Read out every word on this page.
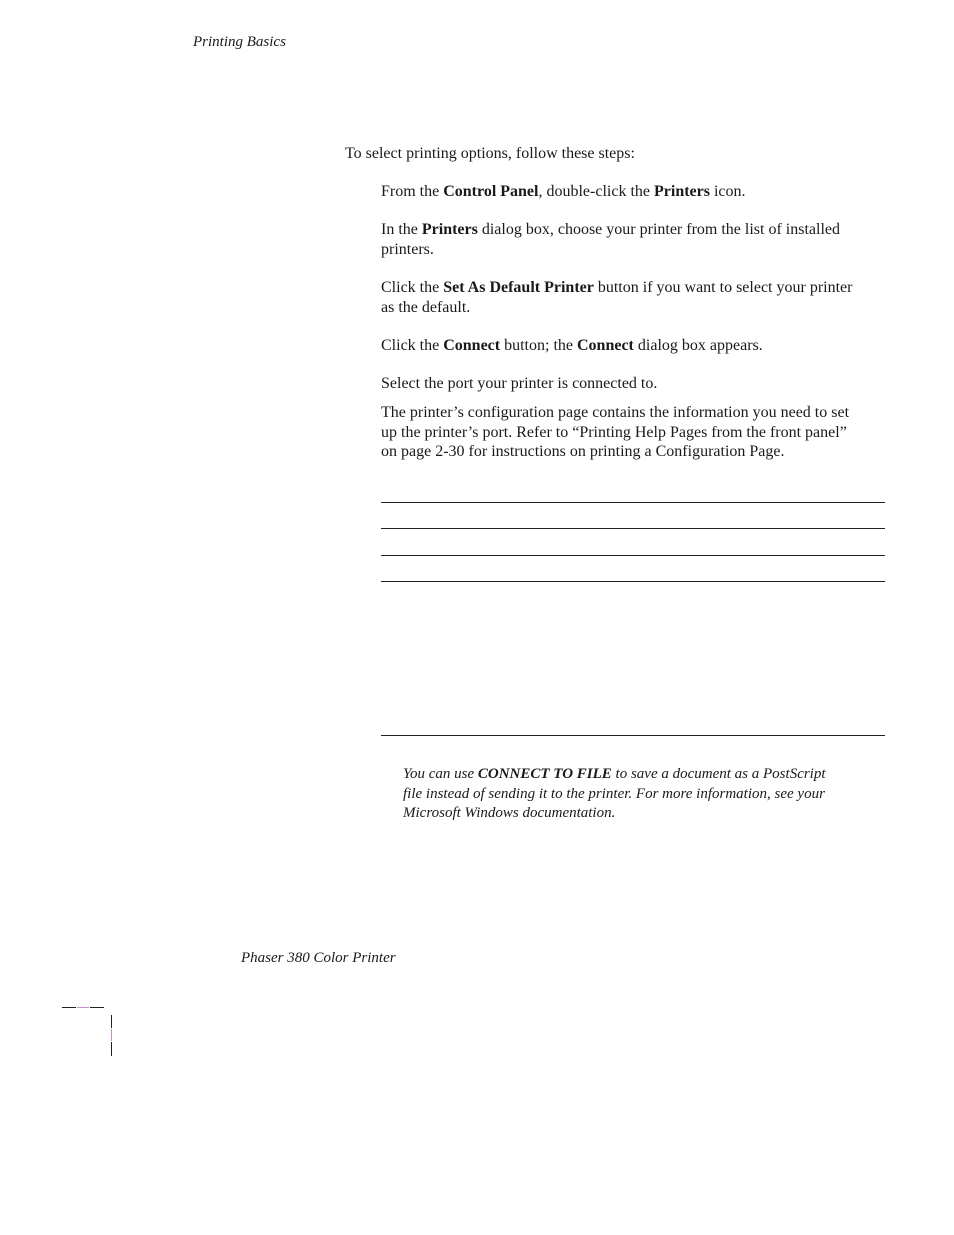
Printing Basics
To select printing options, follow these steps:
From the Control Panel, double-click the Printers icon.
In the Printers dialog box, choose your printer from the list of installed printers.
Click the Set As Default Printer button if you want to select your printer as the default.
Click the Connect button; the Connect dialog box appears.
Select the port your printer is connected to.
The printer’s configuration page contains the information you need to set up the printer’s port. Refer to “Printing Help Pages from the front panel” on page 2-30 for instructions on printing a Configuration Page.
You can use CONNECT TO FILE to save a document as a PostScript file instead of sending it to the printer. For more information, see your Microsoft Windows documentation.
Phaser 380 Color Printer
